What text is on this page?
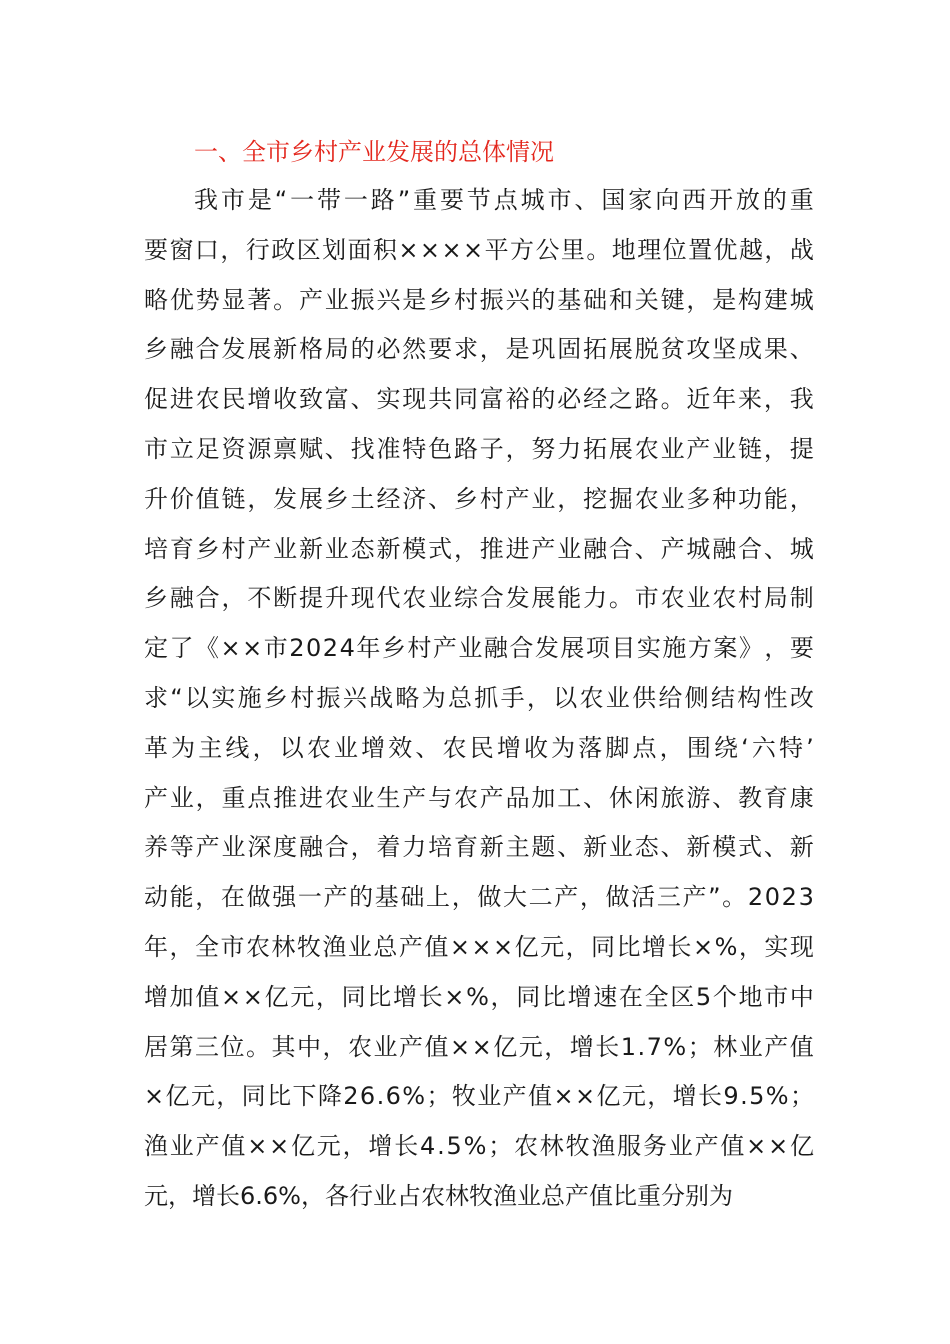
一、全市乡村产业发展的总体情况
我 市 是 “ 一 带 一 路 ” 重 要 节 点 城 市 、 国 家 向 西 开 放 的 重
要 窗 口 ， 行 政 区 划 面 积 × × × × 平 方 公 里 。 地 理 位 置 优 越 ， 战
略 优 势 显 著 。 产 业 振 兴 是 乡 村 振 兴 的 基 础 和 关 键 ， 是 构 建 城
乡 融 合 发 展 新 格 局 的 必 然 要 求 ， 是 巩 固 拓 展 脱 贫 攻 坚 成 果 、
促 进 农 民 增 收 致 富 、 实 现 共 同 富 裕 的 必 经 之 路 。 近 年 来 ， 我
市 立 足 资 源 禀 赋 、 找 准 特 色 路 子 ， 努 力 拓 展 农 业 产 业 链 ， 提
升 价 值 链 ， 发 展 乡 土 经 济 、 乡 村 产 业 ， 挖 掘 农 业 多 种 功 能 ，
培 育 乡 村 产 业 新 业 态 新 模 式 ， 推 进 产 业 融 合 、 产 城 融 合 、 城
乡 融 合 ， 不 断 提 升 现 代 农 业 综 合 发 展 能 力 。 市 农 业 农 村 局 制
定 了 《 × × 市 2 0 2 4 年 乡 村 产 业 融 合 发 展 项 目 实 施 方 案 》 ， 要
求 “ 以 实 施 乡 村 振 兴 战 略 为 总 抓 手 ， 以 农 业 供 给 侧 结 构 性 改
革 为 主 线 ， 以 农 业 增 效 、 农 民 增 收 为 落 脚 点 ， 围 绕 ‘ 六 特 ’
产 业 ， 重 点 推 进 农 业 生 产 与 农 产 品 加 工 、 休 闲 旅 游 、 教 育 康
养 等 产 业 深 度 融 合 ， 着 力 培 育 新 主 题 、 新 业 态 、 新 模 式 、 新
动 能 ， 在 做 强 一 产 的 基 础 上 ， 做 大 二 产 ， 做 活 三 产 ” 。 2 0 2 3
年 ， 全 市 农 林 牧 渔 业 总 产 值 × × × 亿 元 ， 同 比 增 长 × % ， 实 现
增 加 值 × × 亿 元 ， 同 比 增 长 × % ， 同 比 增 速 在 全 区 5 个 地 市 中
居 第 三 位 。 其 中 ， 农 业 产 值 × × 亿 元 ， 增 长 1 . 7 % ； 林 业 产 值
× 亿 元 ， 同 比 下 降 2 6 . 6 % ； 牧 业 产 值 × × 亿 元 ， 增 长 9 . 5 % ；
渔 业 产 值 × × 亿 元 ， 增 长 4 . 5 % ； 农 林 牧 渔 服 务 业 产 值 × × 亿
元，增长6.6%，各行业占农林牧渔业总产值比重分别为
